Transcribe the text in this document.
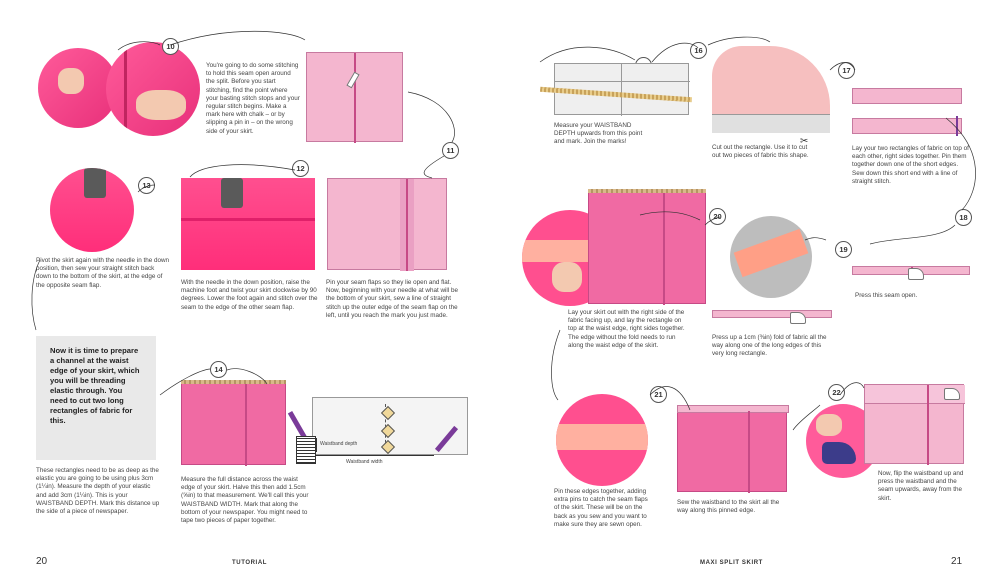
10
You're going to do some stitching to hold this seam open around the split. Before you start stitching, find the point where your basting stitch stops and your regular stitch begins. Make a mark here with chalk – or by slipping a pin in – on the wrong side of your skirt.
11
Pin your seam flaps so they lie open and flat. Now, beginning with your needle at what will be the bottom of your skirt, sew a line of straight stitch up the outer edge of the seam flap on the left, until you reach the mark you just made.
12
With the needle in the down position, raise the machine foot and twist your skirt clockwise by 90 degrees. Lower the foot again and stitch over the seam to the edge of the other seam flap.
13
Pivot the skirt again with the needle in the down position, then sew your straight stitch back down to the bottom of the skirt, at the edge of the opposite seam flap.
Now it is time to prepare a channel at the waist edge of your skirt, which you will be threading elastic through. You need to cut two long rectangles of fabric for this.
These rectangles need to be as deep as the elastic you are going to be using plus 3cm (1¼in). Measure the depth of your elastic and add 3cm (1¼in). This is your WAISTBAND DEPTH. Mark this distance up the side of a piece of newspaper.
14
Waistband depth
Waistband width
Measure the full distance across the waist edge of your skirt. Halve this then add 1.5cm (⅝in) to that measurement. We'll call this your WAISTBAND WIDTH. Mark that along the bottom of your newspaper. You might need to tape two pieces of paper together.
20	TUTORIAL
Measure your WAISTBAND DEPTH upwards from this point and mark. Join the marks!
16
✂
Cut out the rectangle. Use it to cut out two pieces of fabric this shape.
17
Lay your two rectangles of fabric on top of each other, right sides together. Pin them together down one of the short edges. Sew down this short end with a line of straight stitch.
18
19
Press this seam open.
Lay your skirt out with the right side of the fabric facing up, and lay the rectangle on top at the waist edge, right sides together. The edge without the fold needs to run along the waist edge of the skirt.
20
Press up a 1cm (⅜in) fold of fabric all the way along one of the long edges of this very long rectangle.
21
Pin these edges together, adding extra pins to catch the seam flaps of the skirt. These will be on the back as you sew and you want to make sure they are sewn open.
Sew the waistband to the skirt all the way along this pinned edge.
22
Now, flip the waistband up and press the waistband and the seam upwards, away from the skirt.
MAXI SPLIT SKIRT	21
